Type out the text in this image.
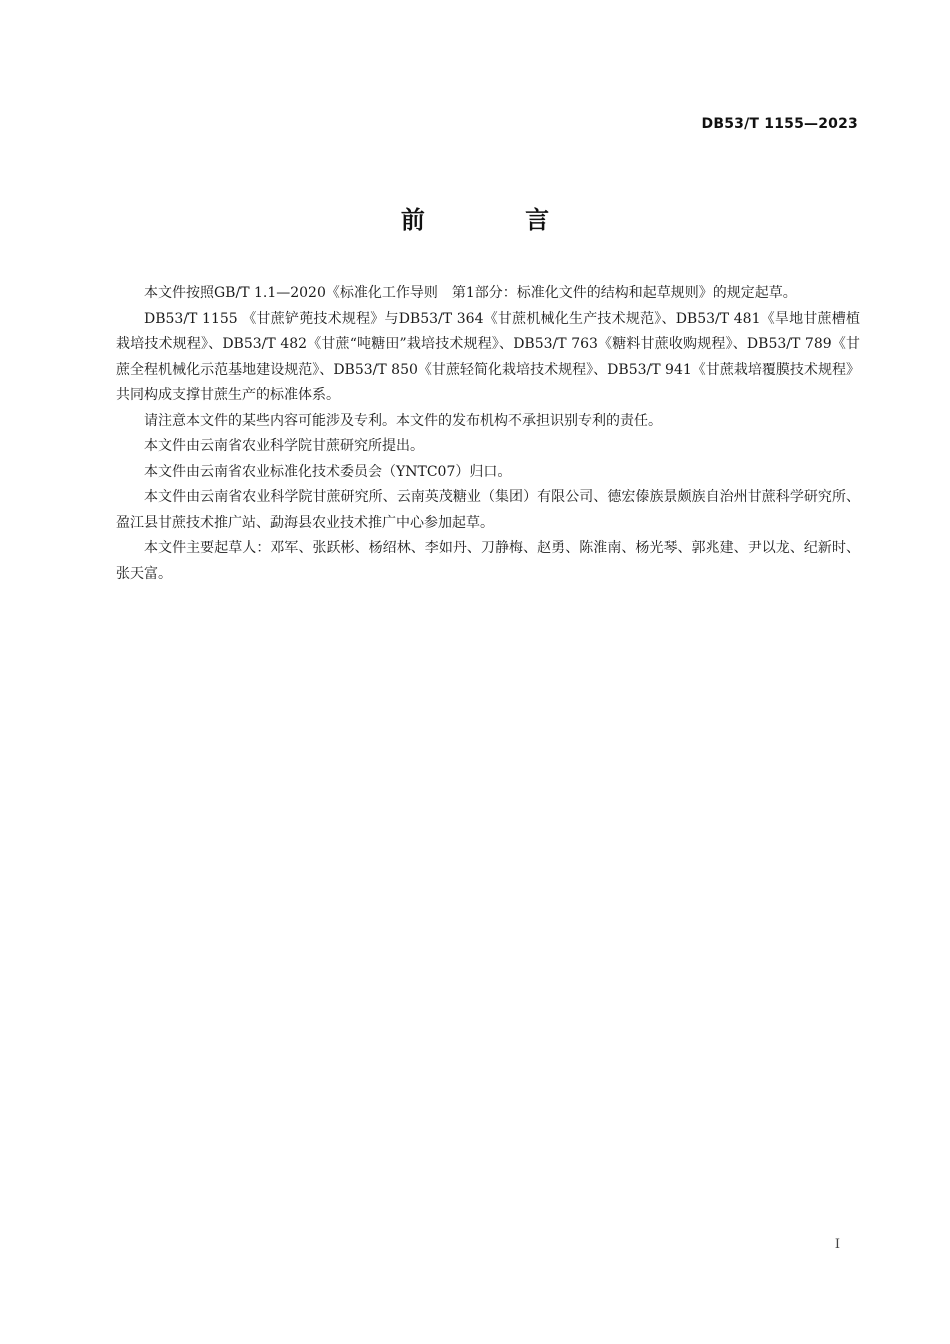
DB53/T 1155—2023
前 言

本文件按照GB/T 1.1—2020《标准化工作导则　第1部分：标准化文件的结构和起草规则》的规定起草。

DB53/T 1155 《甘蔗铲蔸技术规程》与DB53/T 364《甘蔗机械化生产技术规范》、DB53/T 481《旱地甘蔗槽植栽培技术规程》、DB53/T 482《甘蔗“吨糖田”栽培技术规程》、DB53/T 763《糖料甘蔗收购规程》、DB53/T 789《甘蔗全程机械化示范基地建设规范》、DB53/T 850《甘蔗轻简化栽培技术规程》、DB53/T 941《甘蔗栽培覆膜技术规程》共同构成支撑甘蔗生产的标准体系。

请注意本文件的某些内容可能涉及专利。本文件的发布机构不承担识别专利的责任。

本文件由云南省农业科学院甘蔗研究所提出。

本文件由云南省农业标准化技术委员会（YNTC07）归口。

本文件由云南省农业科学院甘蔗研究所、云南英茂糖业（集团）有限公司、德宏傣族景颇族自治州甘蔗科学研究所、盈江县甘蔗技术推广站、勐海县农业技术推广中心参加起草。

本文件主要起草人：邓军、张跃彬、杨绍林、李如丹、刀静梅、赵勇、陈淮南、杨光琴、郭兆建、尹以龙、纪新时、张天富。

I
